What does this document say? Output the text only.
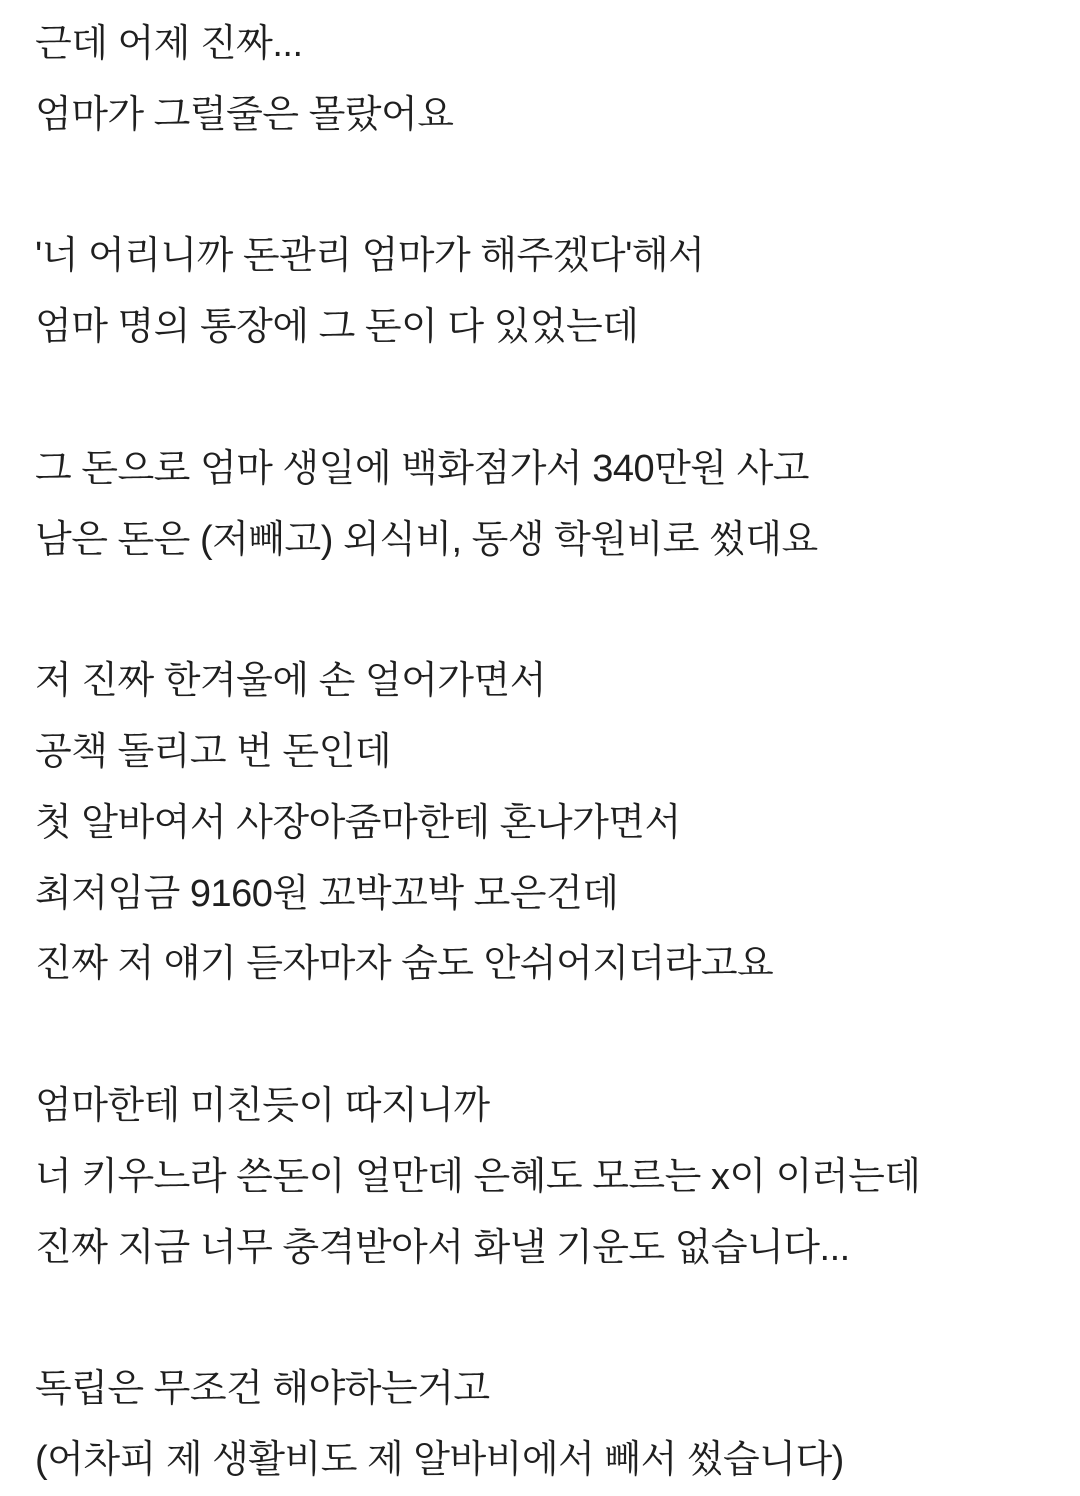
근데 어제 진짜...

엄마가 그럴줄은 몰랐어요

'너 어리니까 돈관리 엄마가 해주겠다'해서

엄마 명의 통장에 그 돈이 다 있었는데

그 돈으로 엄마 생일에 백화점가서 340만원 사고

남은 돈은 (저빼고) 외식비, 동생 학원비로 썼대요

저 진짜 한겨울에 손 얼어가면서

공책 돌리고 번 돈인데

첫 알바여서 사장아줌마한테 혼나가면서

최저임금 9160원 꼬박꼬박 모은건데

진짜 저 얘기 듣자마자 숨도 안쉬어지더라고요

엄마한테 미친듯이 따지니까

너 키우느라 쓴돈이 얼만데 은혜도 모르는 x이 이러는데

진짜 지금 너무 충격받아서 화낼 기운도 없습니다...

독립은 무조건 해야하는거고

(어차피 제 생활비도 제 알바비에서 빼서 썼습니다)
